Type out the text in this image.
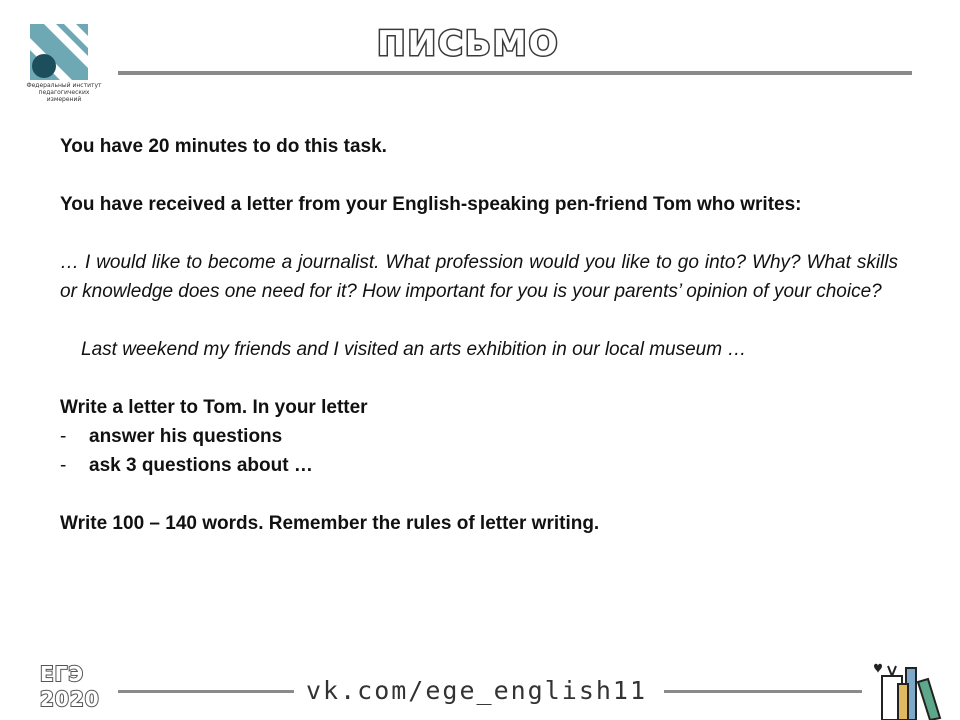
Федеральный институт
педагогических измерений
ПИСЬМО

You have 20 minutes to do this task.

You have received a letter from your English-speaking pen-friend Tom who writes:

… I would like to become a journalist. What profession would you like to go into? Why? What skills or knowledge does one need for it? How important for you is your parents’ opinion of your choice?

Last weekend my friends and I visited an arts exhibition in our local museum …

Write a letter to Tom. In your letter

- answer his questions
- ask 3 questions about …

Write 100 – 140 words. Remember the rules of letter writing.

ЕГЭ
2020	vk.com/ege_english11
